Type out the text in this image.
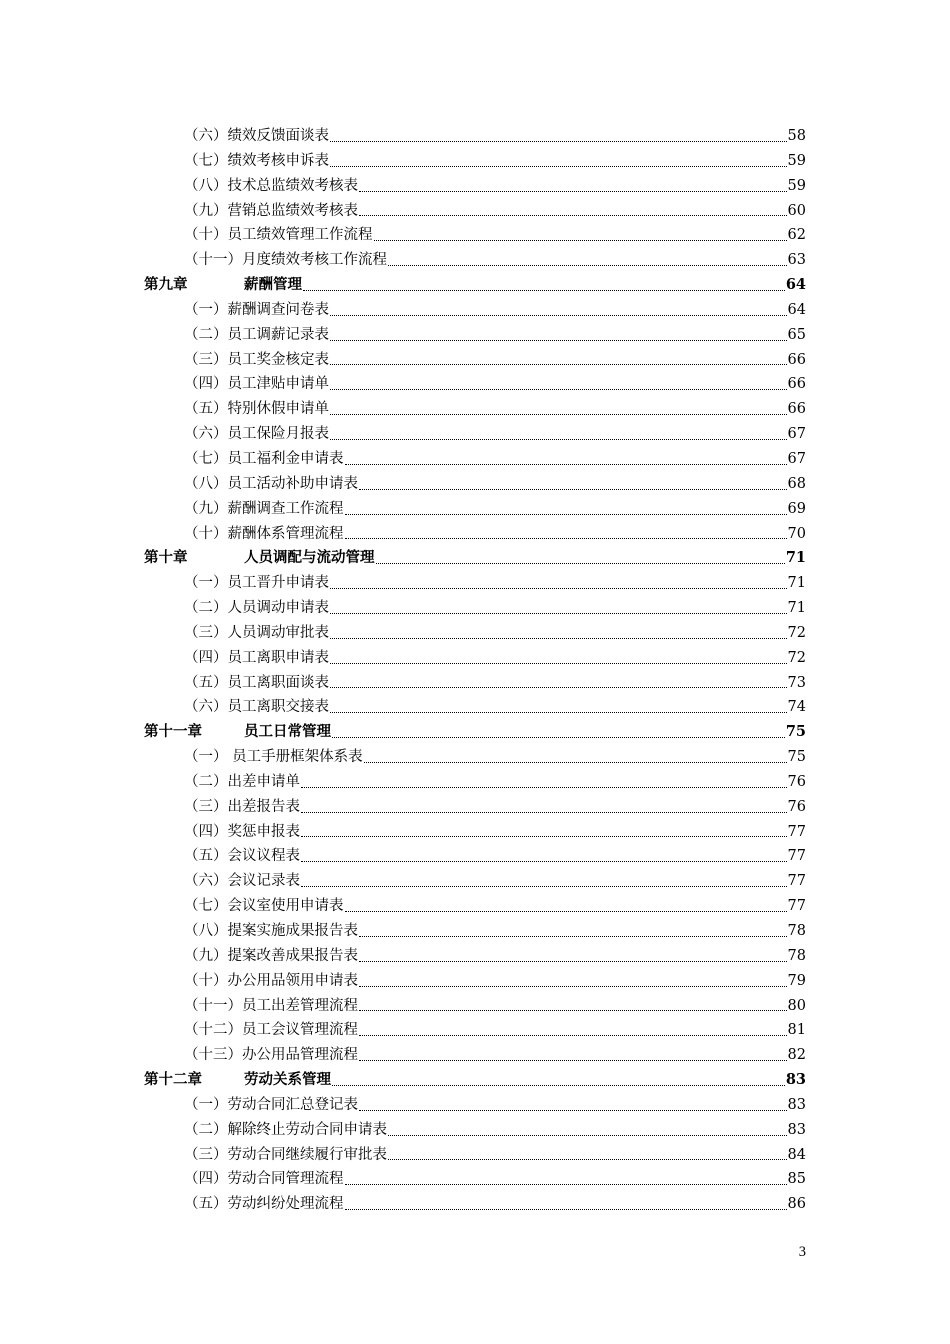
（六）绩效反馈面谈表	58
（七）绩效考核申诉表	59
（八）技术总监绩效考核表	59
（九）营销总监绩效考核表	60
（十）员工绩效管理工作流程	62
（十一）月度绩效考核工作流程	63
第九章	薪酬管理	64
（一）薪酬调查问卷表	64
（二）员工调薪记录表	65
（三）员工奖金核定表	66
（四）员工津贴申请单	66
（五）特别休假申请单	66
（六）员工保险月报表	67
（七）员工福利金申请表	67
（八）员工活动补助申请表	68
（九）薪酬调查工作流程	69
（十）薪酬体系管理流程	70
第十章	人员调配与流动管理	71
（一）员工晋升申请表	71
（二）人员调动申请表	71
（三）人员调动审批表	72
（四）员工离职申请表	72
（五）员工离职面谈表	73
（六）员工离职交接表	74
第十一章	员工日常管理	75
（一） 员工手册框架体系表	75
（二）出差申请单	76
（三）出差报告表	76
（四）奖惩申报表	77
（五）会议议程表	77
（六）会议记录表	77
（七）会议室使用申请表	77
（八）提案实施成果报告表	78
（九）提案改善成果报告表	78
（十）办公用品领用申请表	79
（十一）员工出差管理流程	80
（十二）员工会议管理流程	81
（十三）办公用品管理流程	82
第十二章	劳动关系管理	83
（一）劳动合同汇总登记表	83
（二）解除终止劳动合同申请表	83
（三）劳动合同继续履行审批表	84
（四）劳动合同管理流程	85
（五）劳动纠纷处理流程	86
3
